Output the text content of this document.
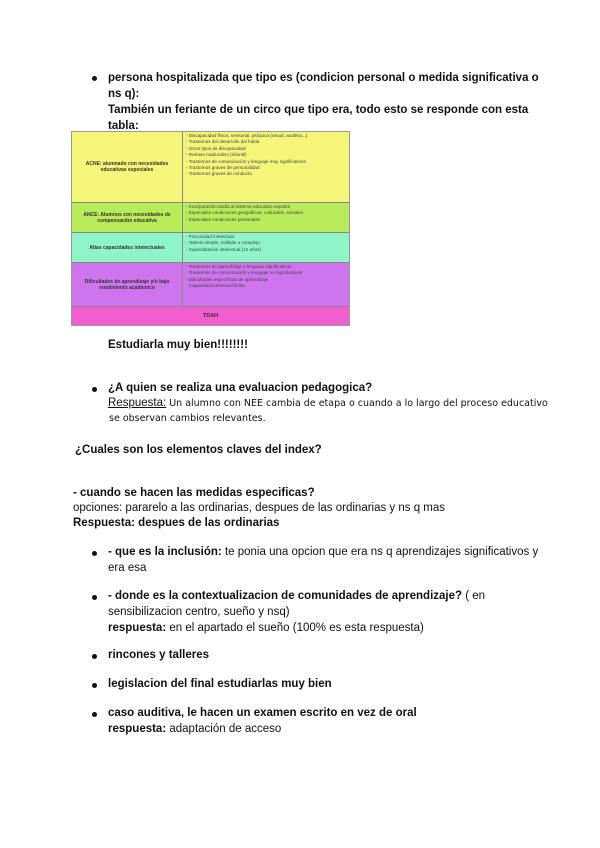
persona hospitalizada que tipo es (condicion personal o medida significativa o
ns q):
También un feriante de un circo que tipo era, todo esto se responde con esta
tabla:
ACNE: alumnado con necesidades educativas especiales
- Discapacidad física, sensorial, psíquica (visual, auditiva...)
- Trastornos del desarrollo del habla
- Otros tipos de discapacidad
- Retraso madurativo (infantil)
- Trastornos de comunicación y lenguaje muy significativos
- Trastornos graves de personalidad
- Trastornos graves de conducta
ANCE: Alumnos con necesidades de compensación educativa
- Incorporación tardía al sistema educativo español
- Especiales condiciones geográficas, culturales, sociales
- Especiales condiciones personales
Altas capacidades intelectuales
- Precocidad intelectual
- Talento simple, múltiple o complejo
- Superdotación intelectual (12 años)
Dificultades de aprendizaje y/o bajo rendimiento académico
- Trastornos de aprendizaje y lenguaje significativos
- Trastornos de comunicación y lenguaje no significativos
- Dificultades específicas de aprendizaje
- Capacidad intelectual límite
TDAH
Estudiarla muy bien!!!!!!!!
¿A quien se realiza una evaluacion pedagogica?
Respuesta: Un alumno con NEE cambia de etapa o cuando a lo largo del proceso educativo
se observan cambios relevantes.
¿Cuales son los elementos claves del index?
- cuando se hacen las medidas especificas?
opciones: pararelo a las ordinarias, despues de las ordinarias y ns q mas
Respuesta: despues de las ordinarias
- que es la inclusión: te ponia una opcion que era ns q aprendizajes significativos y
era esa
- donde es la contextualizacion de comunidades de aprendizaje? ( en
sensibilizacion centro, sueño y nsq)
respuesta: en el apartado el sueño (100% es esta respuesta)
rincones y talleres
legislacion del final estudiarlas muy bien
caso auditiva, le hacen un examen escrito en vez de oral
respuesta: adaptación de acceso
